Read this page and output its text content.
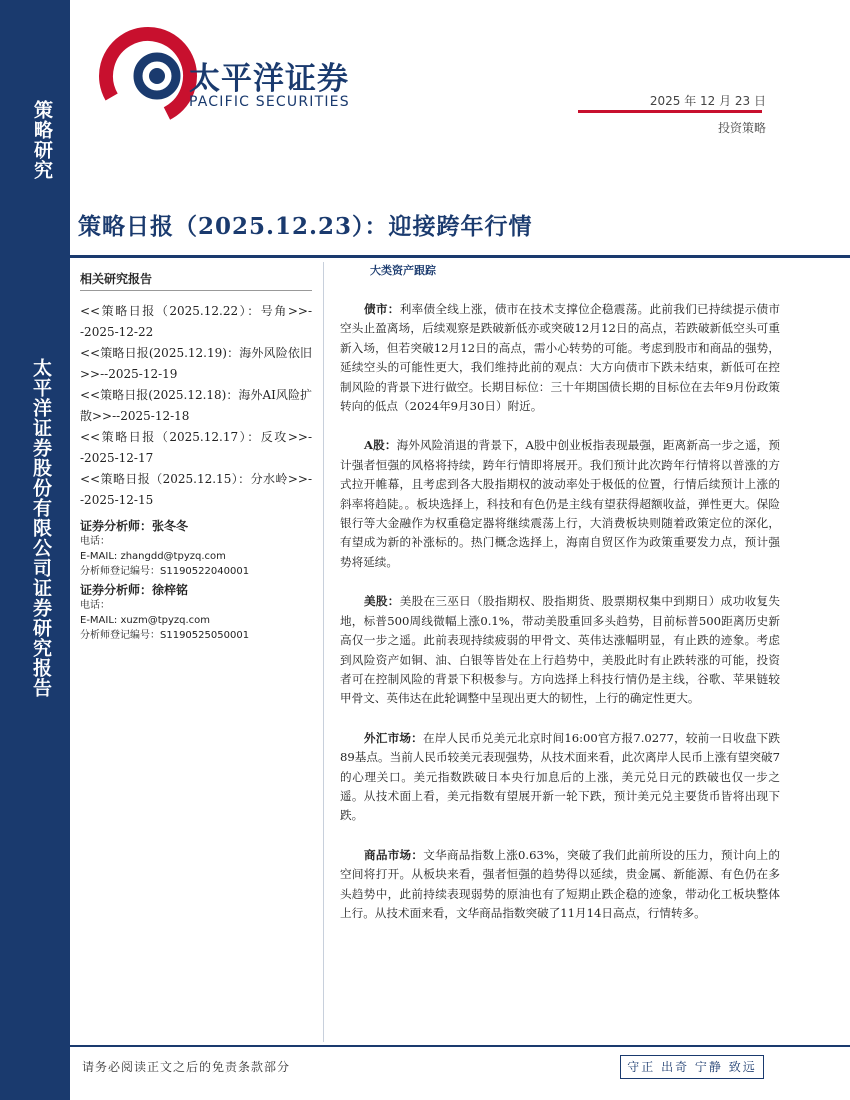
策略研究
太平洋证券股份有限公司证券研究报告
太平洋证券
PACIFIC SECURITIES	2025 年 12 月 23 日
投资策略
策略日报（2025.12.23）：迎接跨年行情
相关研究报告
<<策略日报（2025.12.22）：号角>>--2025-12-22
<<策略日报(2025.12.19)：海外风险依旧>>--2025-12-19
<<策略日报(2025.12.18)：海外AI风险扩散>>--2025-12-18
<<策略日报（2025.12.17）：反攻>>--2025-12-17
<<策略日报（2025.12.15）：分水岭>>--2025-12-15
证券分析师：张冬冬
电话：
E-MAIL: zhangdd@tpyzq.com
分析师登记编号：S1190522040001
证券分析师：徐梓铭
电话：
E-MAIL: xuzm@tpyzq.com
分析师登记编号：S1190525050001
大类资产跟踪

债市：利率债全线上涨，债市在技术支撑位企稳震荡。此前我们已持续提示债市空头止盈离场，后续观察是跌破新低亦或突破12月12日的高点，若跌破新低空头可重新入场，但若突破12月12日的高点，需小心转势的可能。考虑到股市和商品的强势，延续空头的可能性更大，我们维持此前的观点：大方向债市下跌未结束，新低可在控制风险的背景下进行做空。长期目标位：三十年期国债长期的目标位在去年9月份政策转向的低点（2024年9月30日）附近。

A股：海外风险消退的背景下，A股中创业板指表现最强，距离新高一步之遥，预计强者恒强的风格将持续，跨年行情即将展开。我们预计此次跨年行情将以普涨的方式拉开帷幕，且考虑到各大股指期权的波动率处于极低的位置，行情后续预计上涨的斜率将趋陡。。板块选择上，科技和有色仍是主线有望获得超额收益，弹性更大。保险银行等大金融作为权重稳定器将继续震荡上行，大消费板块则随着政策定位的深化，有望成为新的补涨标的。热门概念选择上，海南自贸区作为政策重要发力点，预计强势将延续。

美股：美股在三巫日（股指期权、股指期货、股票期权集中到期日）成功收复失地，标普500周线微幅上涨0.1%，带动美股重回多头趋势，目前标普500距离历史新高仅一步之遥。此前表现持续疲弱的甲骨文、英伟达涨幅明显，有止跌的迹象。考虑到风险资产如铜、油、白银等皆处在上行趋势中，美股此时有止跌转涨的可能，投资者可在控制风险的背景下积极参与。方向选择上科技行情仍是主线，谷歌、苹果链较甲骨文、英伟达在此轮调整中呈现出更大的韧性，上行的确定性更大。

外汇市场：在岸人民币兑美元北京时间16:00官方报7.0277，较前一日收盘下跌89基点。当前人民币较美元表现强势，从技术面来看，此次离岸人民币上涨有望突破7的心理关口。美元指数跌破日本央行加息后的上涨，美元兑日元的跌破也仅一步之遥。从技术面上看，美元指数有望展开新一轮下跌，预计美元兑主要货币皆将出现下跌。

商品市场：文华商品指数上涨0.63%，突破了我们此前所设的压力，预计向上的空间将打开。从板块来看，强者恒强的趋势得以延续，贵金属、新能源、有色仍在多头趋势中，此前持续表现弱势的原油也有了短期止跌企稳的迹象，带动化工板块整体上行。从技术面来看，文华商品指数突破了11月14日高点，行情转多。

请务必阅读正文之后的免责条款部分	守正 出奇 宁静 致远
